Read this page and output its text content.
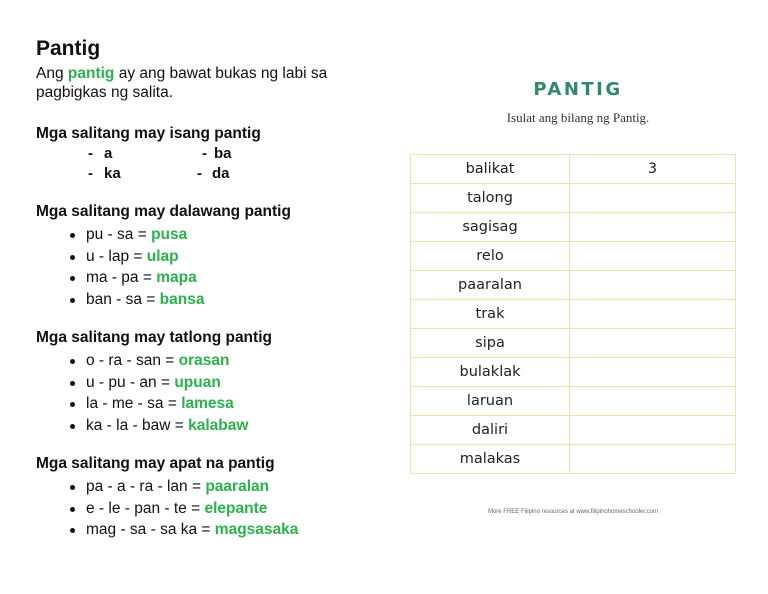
Pantig
Ang pantig ay ang bawat bukas ng labi sa pagbigkas ng salita.
Mga salitang may isang pantig
- a	- ba
- ka	- da
Mga salitang may dalawang pantig
pu - sa = pusa
u - lap = ulap
ma - pa = mapa
ban - sa = bansa
Mga salitang may tatlong pantig
o - ra - san = orasan
u - pu - an = upuan
la - me - sa = lamesa
ka - la - baw = kalabaw
Mga salitang may apat na pantig
pa - a - ra - lan = paaralan
e - le - pan - te = elepante
mag - sa - sa ka = magsasaka
PANTIG
Isulat ang bilang ng Pantig.
balikat	3
talong	
sagisag	
relo	
paaralan	
trak	
sipa	
bulaklak	
laruan	
daliri	
malakas	
More FREE Filipino resources at www.filipinohomeschooler.com
